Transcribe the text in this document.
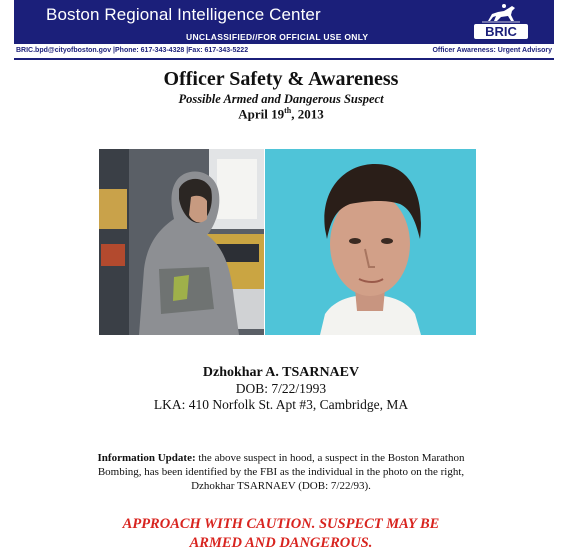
Boston Regional Intelligence Center
UNCLASSIFIED//FOR OFFICIAL USE ONLY	BRIC
BRIC.bpd@cityofboston.gov |Phone: 617-343-4328 |Fax: 617-343-5222	Officer Awareness: Urgent Advisory
Officer Safety & Awareness
Possible Armed and Dangerous Suspect
April 19th, 2013
Dzhokhar A. TSARNAEV
DOB: 7/22/1993
LKA: 410 Norfolk St. Apt #3, Cambridge, MA
Information Update: the above suspect in hood, a suspect in the Boston Marathon Bombing, has been identified by the FBI as the individual in the photo on the right, Dzhokhar TSARNAEV (DOB: 7/22/93).
APPROACH WITH CAUTION. SUSPECT MAY BE
ARMED AND DANGEROUS.
